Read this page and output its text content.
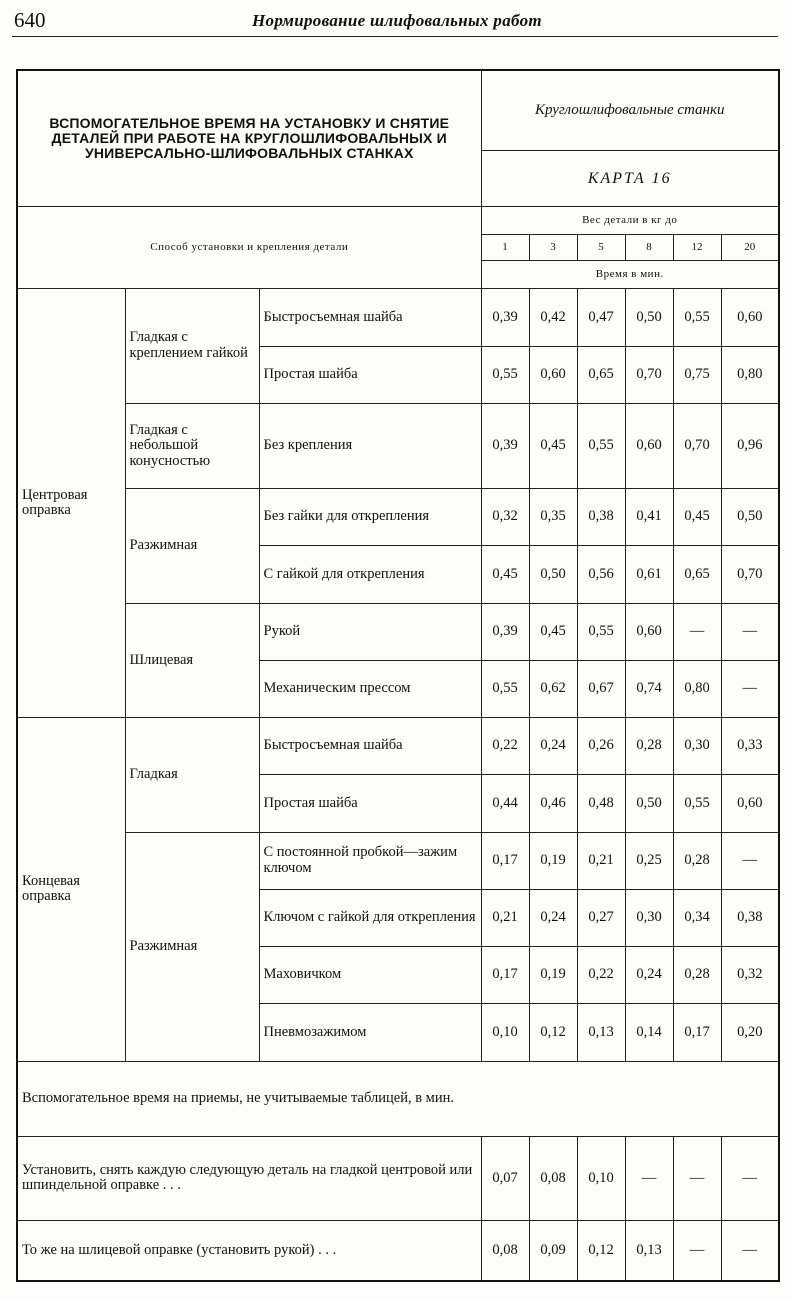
640	Нормирование шлифовальных работ
ВСПОМОГАТЕЛЬНОЕ ВРЕМЯ НА УСТАНОВКУ И СНЯТИЕ ДЕТАЛЕЙ ПРИ РАБОТЕ НА КРУГЛОШЛИФОВАЛЬНЫХ И УНИВЕРСАЛЬНО-ШЛИФОВАЛЬНЫХ СТАНКАХ			Круглошлифовальные станки					
			КАРТА 16					
Способ установки и крепления детали			Вес детали в кг до					
			1	3	5	8	12	20
			Время в мин.					
Центровая оправка	Гладкая с креплением гайкой	Быстросъемная шайба	0,39	0,42	0,47	0,50	0,55	0,60
		Простая шайба	0,55	0,60	0,65	0,70	0,75	0,80
	Гладкая с небольшой конусностью	Без крепления	0,39	0,45	0,55	0,60	0,70	0,96
	Разжимная	Без гайки для открепления	0,32	0,35	0,38	0,41	0,45	0,50
		С гайкой для открепления	0,45	0,50	0,56	0,61	0,65	0,70
	Шлицевая	Рукой	0,39	0,45	0,55	0,60	—	—
		Механическим прессом	0,55	0,62	0,67	0,74	0,80	—
Концевая оправка	Гладкая	Быстросъемная шайба	0,22	0,24	0,26	0,28	0,30	0,33
		Простая шайба	0,44	0,46	0,48	0,50	0,55	0,60
	Разжимная	С постоянной пробкой—зажим ключом	0,17	0,19	0,21	0,25	0,28	—
		Ключом с гайкой для открепления	0,21	0,24	0,27	0,30	0,34	0,38
		Маховичком	0,17	0,19	0,22	0,24	0,28	0,32
		Пневмозажимом	0,10	0,12	0,13	0,14	0,17	0,20
Вспомогательное время на приемы, не учитываемые таблицей, в мин.								
Установить, снять каждую следующую деталь на гладкой центровой или шпиндельной оправке . . .			0,07	0,08	0,10	—	—	—
То же на шлицевой оправке (установить рукой) . . .			0,08	0,09	0,12	0,13	—	—
